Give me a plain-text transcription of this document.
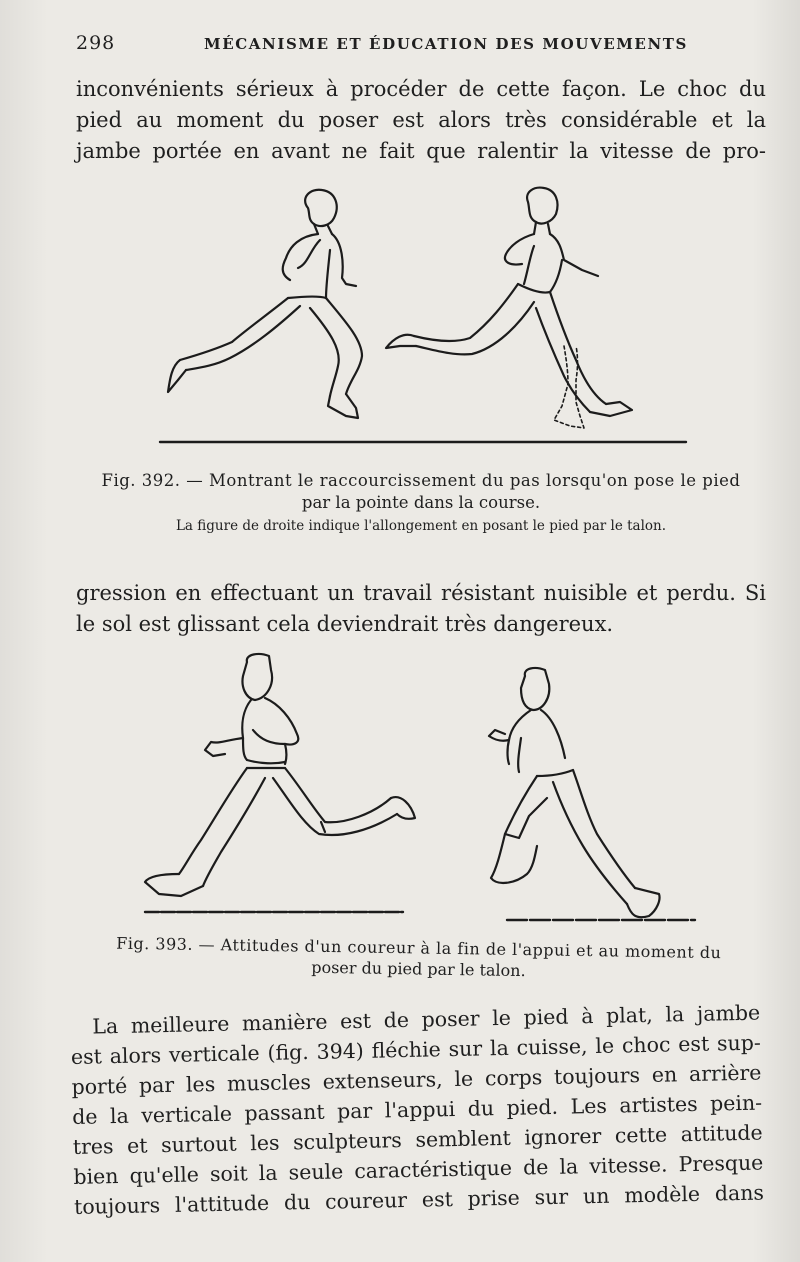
298	MÉCANISME ET ÉDUCATION DES MOUVEMENTS

inconvénients sérieux à procéder de cette façon. Le choc du
pied au moment du poser est alors très considérable et la
jambe portée en avant ne fait que ralentir la vitesse de pro-

Fig. 392. — Montrant le raccourcissement du pas lorsqu'on pose le pied
par la pointe dans la course.

La figure de droite indique l'allongement en posant le pied par le talon.

gression en effectuant un travail résistant nuisible et perdu. Si
le sol est glissant cela deviendrait très dangereux.

Fig. 393. — Attitudes d'un coureur à la fin de l'appui et au moment du
poser du pied par le talon.

La meilleure manière est de poser le pied à plat, la jambe
est alors verticale (fig. 394) fléchie sur la cuisse, le choc est sup-
porté par les muscles extenseurs, le corps toujours en arrière
de la verticale passant par l'appui du pied. Les artistes pein-
tres et surtout les sculpteurs semblent ignorer cette attitude
bien qu'elle soit la seule caractéristique de la vitesse. Presque
toujours l'attitude du coureur est prise sur un modèle dans
